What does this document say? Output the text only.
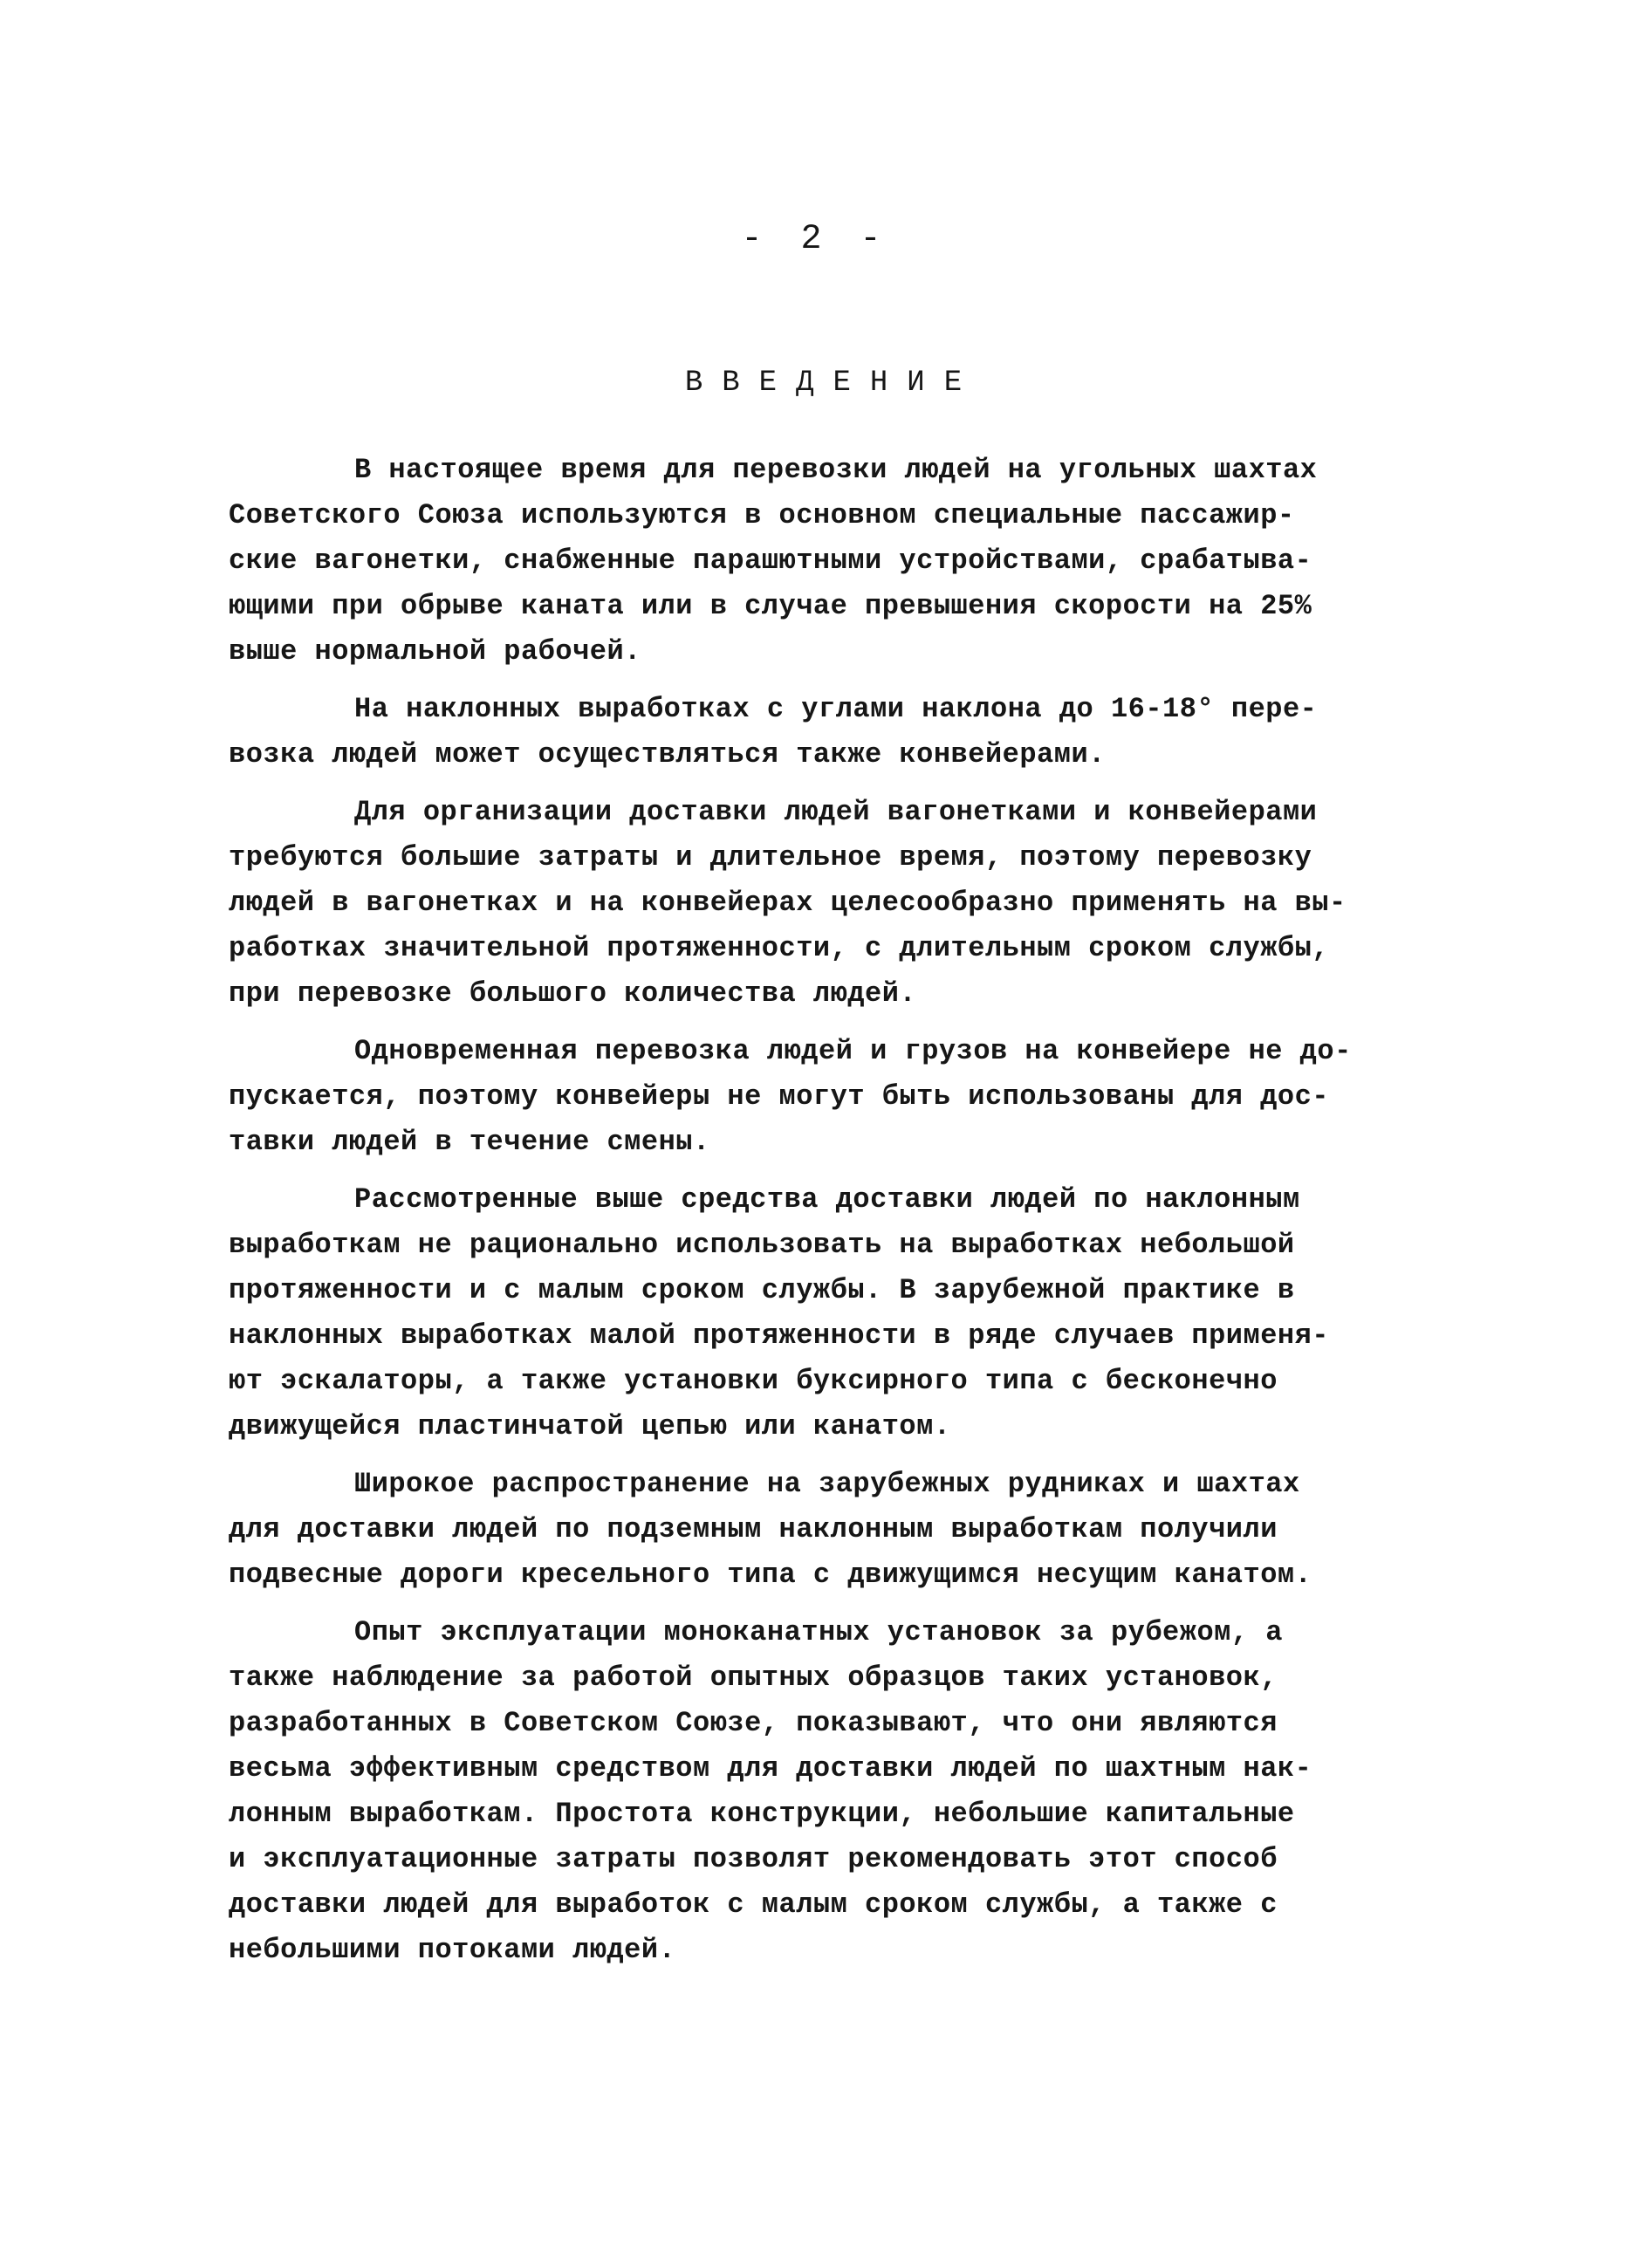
- 2 -
ВВЕДЕНИЕ
В настоящее время для перевозки людей на угольных шахтах
Советского Союза используются в основном специальные пассажир-
ские вагонетки, снабженные парашютными устройствами, срабатыва-
ющими при обрыве каната или в случае превышения скорости на 25%
выше нормальной рабочей.
На наклонных выработках с углами наклона до 16-18° пере-
возка людей может осуществляться также конвейерами.
Для организации доставки людей вагонетками и конвейерами
требуются большие затраты и длительное время, поэтому перевозку
людей в вагонетках и на конвейерах целесообразно применять на вы-
работках значительной протяженности, с длительным сроком службы,
при перевозке большого количества людей.
Одновременная перевозка людей и грузов на конвейере не до-
пускается, поэтому конвейеры не могут быть использованы для дос-
тавки людей в течение смены.
Рассмотренные выше средства доставки людей по наклонным
выработкам не рационально использовать на выработках небольшой
протяженности и с малым сроком службы. В зарубежной практике в
наклонных выработках малой протяженности в ряде случаев применя-
ют эскалаторы, а также установки буксирного типа с бесконечно
движущейся пластинчатой цепью или канатом.
Широкое распространение на зарубежных рудниках и шахтах
для доставки людей по подземным наклонным выработкам получили
подвесные дороги кресельного типа с движущимся несущим канатом.
Опыт эксплуатации моноканатных установок за рубежом, а
также наблюдение за работой опытных образцов таких установок,
разработанных в Советском Союзе, показывают, что они являются
весьма эффективным средством для доставки людей по шахтным нак-
лонным выработкам. Простота конструкции, небольшие капитальные
и эксплуатационные затраты позволят рекомендовать этот способ
доставки людей для выработок с малым сроком службы, а также с
небольшими потоками людей.
